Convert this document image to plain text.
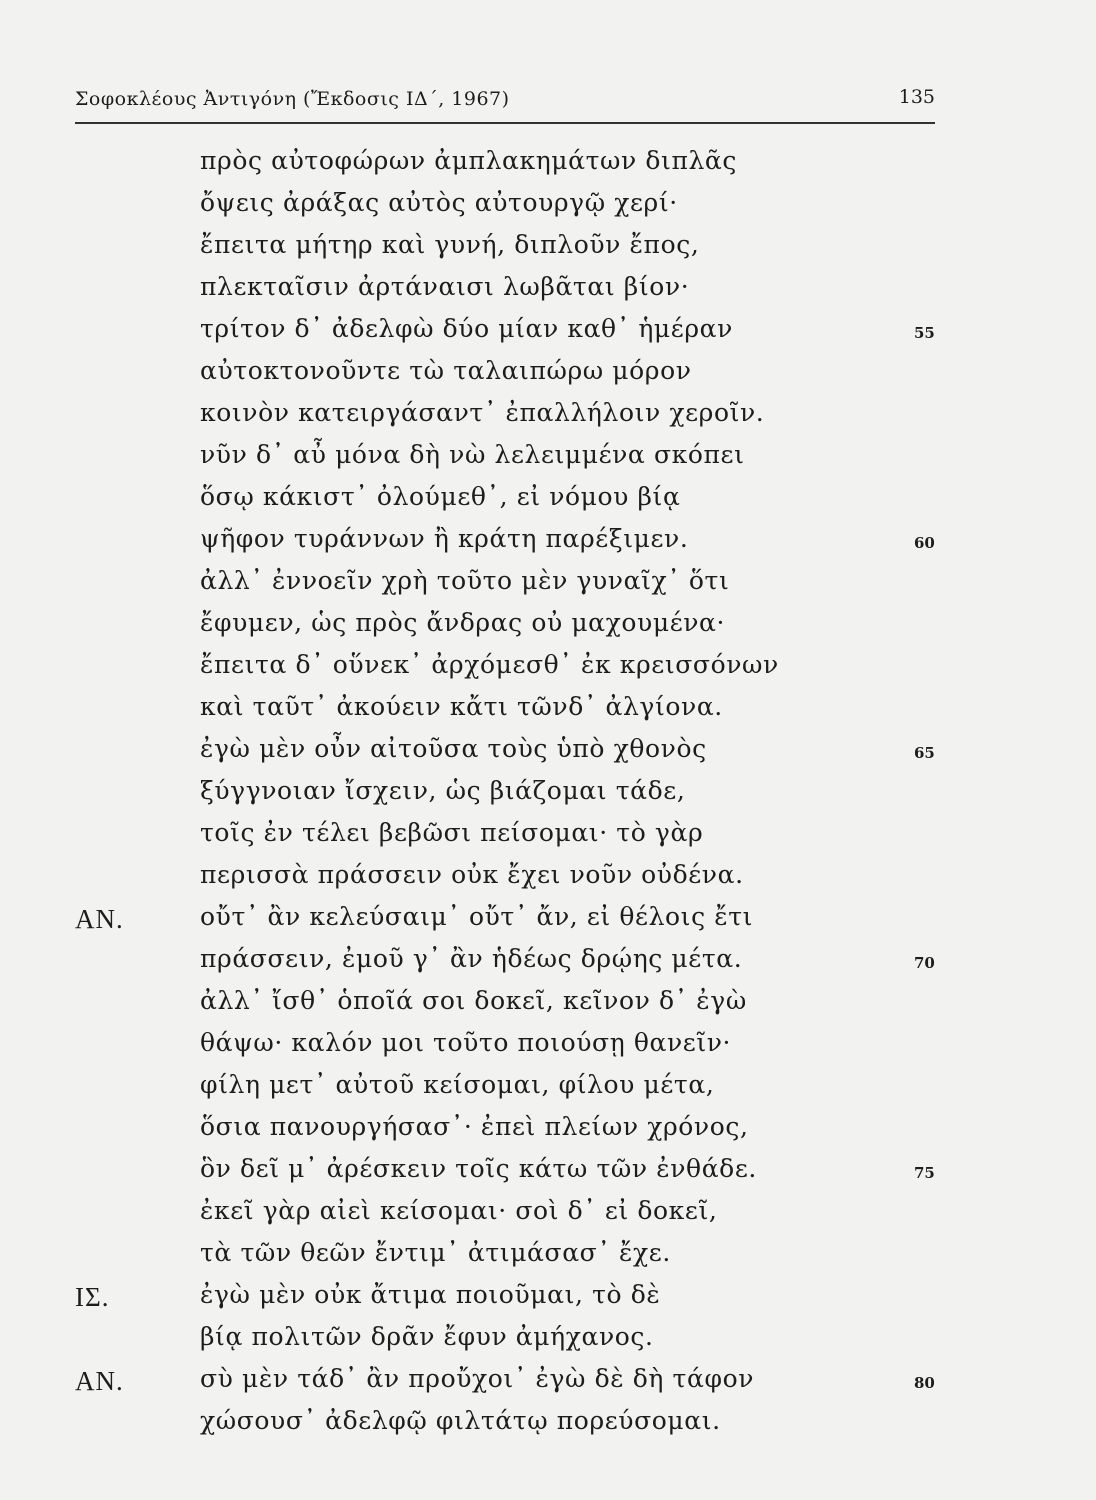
Σοφοκλέους Ἀντιγόνη (Ἔκδοσις ΙΔ΄, 1967)	135
πρὸς αὐτοφώρων ἀμπλακημάτων διπλᾶς
ὄψεις ἀράξας αὐτὸς αὐτουργῷ χερί·
ἔπειτα μήτηρ καὶ γυνή, διπλοῦν ἔπος,
πλεκταῖσιν ἀρτάναισι λωβᾶται βίον·
τρίτον δ᾽ ἀδελφὼ δύο μίαν καθ᾽ ἡμέραν	55
αὐτοκτονοῦντε τὼ ταλαιπώρω μόρον
κοινὸν κατειργάσαντ᾽ ἐπαλλήλοιν χεροῖν.
νῦν δ᾽ αὖ μόνα δὴ νὼ λελειμμένα σκόπει
ὅσῳ κάκιστ᾽ ὀλούμεθ᾽, εἰ νόμου βίᾳ
ψῆφον τυράννων ἢ κράτη παρέξιμεν.	60
ἀλλ᾽ ἐννοεῖν χρὴ τοῦτο μὲν γυναῖχ᾽ ὅτι
ἔφυμεν, ὡς πρὸς ἄνδρας οὐ μαχουμένα·
ἔπειτα δ᾽ οὕνεκ᾽ ἀρχόμεσθ᾽ ἐκ κρεισσόνων
καὶ ταῦτ᾽ ἀκούειν κἄτι τῶνδ᾽ ἀλγίονα.
ἐγὼ μὲν οὖν αἰτοῦσα τοὺς ὑπὸ χθονὸς	65
ξύγγνοιαν ἴσχειν, ὡς βιάζομαι τάδε,
τοῖς ἐν τέλει βεβῶσι πείσομαι· τὸ γὰρ
περισσὰ πράσσειν οὐκ ἔχει νοῦν οὐδένα.
ΑΝ.	οὔτ᾽ ἂν κελεύσαιμ᾽ οὔτ᾽ ἄν, εἰ θέλοις ἔτι
πράσσειν, ἐμοῦ γ᾽ ἂν ἡδέως δρῴης μέτα.	70
ἀλλ᾽ ἴσθ᾽ ὁποῖά σοι δοκεῖ, κεῖνον δ᾽ ἐγὼ
θάψω· καλόν μοι τοῦτο ποιούσῃ θανεῖν·
φίλη μετ᾽ αὐτοῦ κείσομαι, φίλου μέτα,
ὅσια πανουργήσασ᾽· ἐπεὶ πλείων χρόνος,
ὃν δεῖ μ᾽ ἀρέσκειν τοῖς κάτω τῶν ἐνθάδε.	75
ἐκεῖ γὰρ αἰεὶ κείσομαι· σοὶ δ᾽ εἰ δοκεῖ,
τὰ τῶν θεῶν ἔντιμ᾽ ἀτιμάσασ᾽ ἔχε.
ΙΣ.	ἐγὼ μὲν οὐκ ἄτιμα ποιοῦμαι, τὸ δὲ
βίᾳ πολιτῶν δρᾶν ἔφυν ἀμήχανος.
ΑΝ.	σὺ μὲν τάδ᾽ ἂν προὔχοι᾽ ἐγὼ δὲ δὴ τάφον	80
χώσουσ᾽ ἀδελφῷ φιλτάτῳ πορεύσομαι.
